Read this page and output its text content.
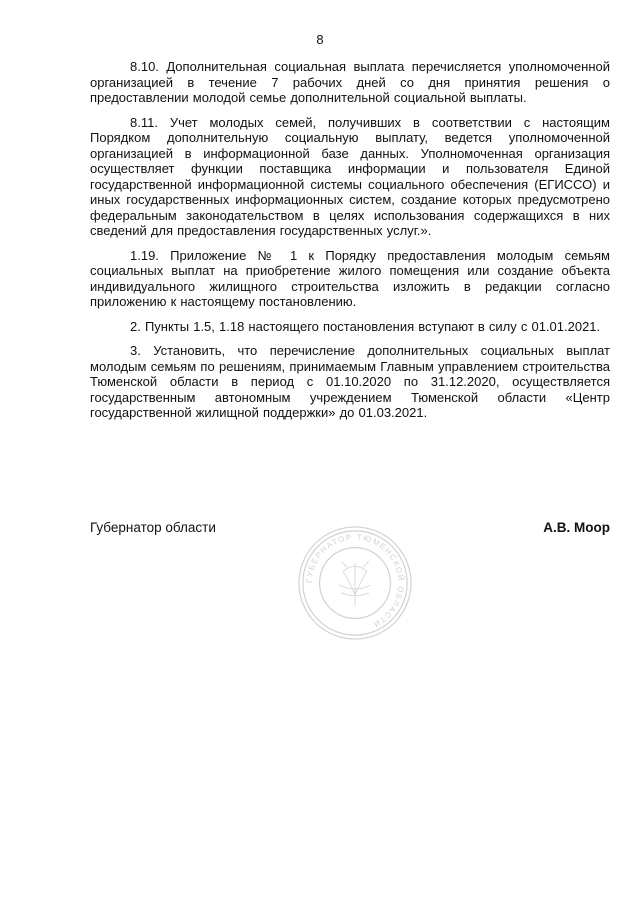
8

8.10. Дополнительная социальная выплата перечисляется уполномоченной организацией в течение 7 рабочих дней со дня принятия решения о предоставлении молодой семье дополнительной социальной выплаты.

8.11. Учет молодых семей, получивших в соответствии с настоящим Порядком дополнительную социальную выплату, ведется уполномоченной организацией в информационной базе данных. Уполномоченная организация осуществляет функции поставщика информации и пользователя Единой государственной информационной системы социального обеспечения (ЕГИССО) и иных государственных информационных систем, создание которых предусмотрено федеральным законодательством в целях использования содержащихся в них сведений для предоставления государственных услуг.».

1.19. Приложение № 1 к Порядку предоставления молодым семьям социальных выплат на приобретение жилого помещения или создание объекта индивидуального жилищного строительства изложить в редакции согласно приложению к настоящему постановлению.

2. Пункты 1.5, 1.18 настоящего постановления вступают в силу с 01.01.2021.

3. Установить, что перечисление дополнительных социальных выплат молодым семьям по решениям, принимаемым Главным управлением строительства Тюменской области в период с 01.10.2020 по 31.12.2020, осуществляется государственным автономным учреждением Тюменской области «Центр государственной жилищной поддержки» до 01.03.2021.

Губернатор области	А.В. Моор
ГУБЕРНАТОР ТЮМЕНСКОЙ ОБЛАСТИ
